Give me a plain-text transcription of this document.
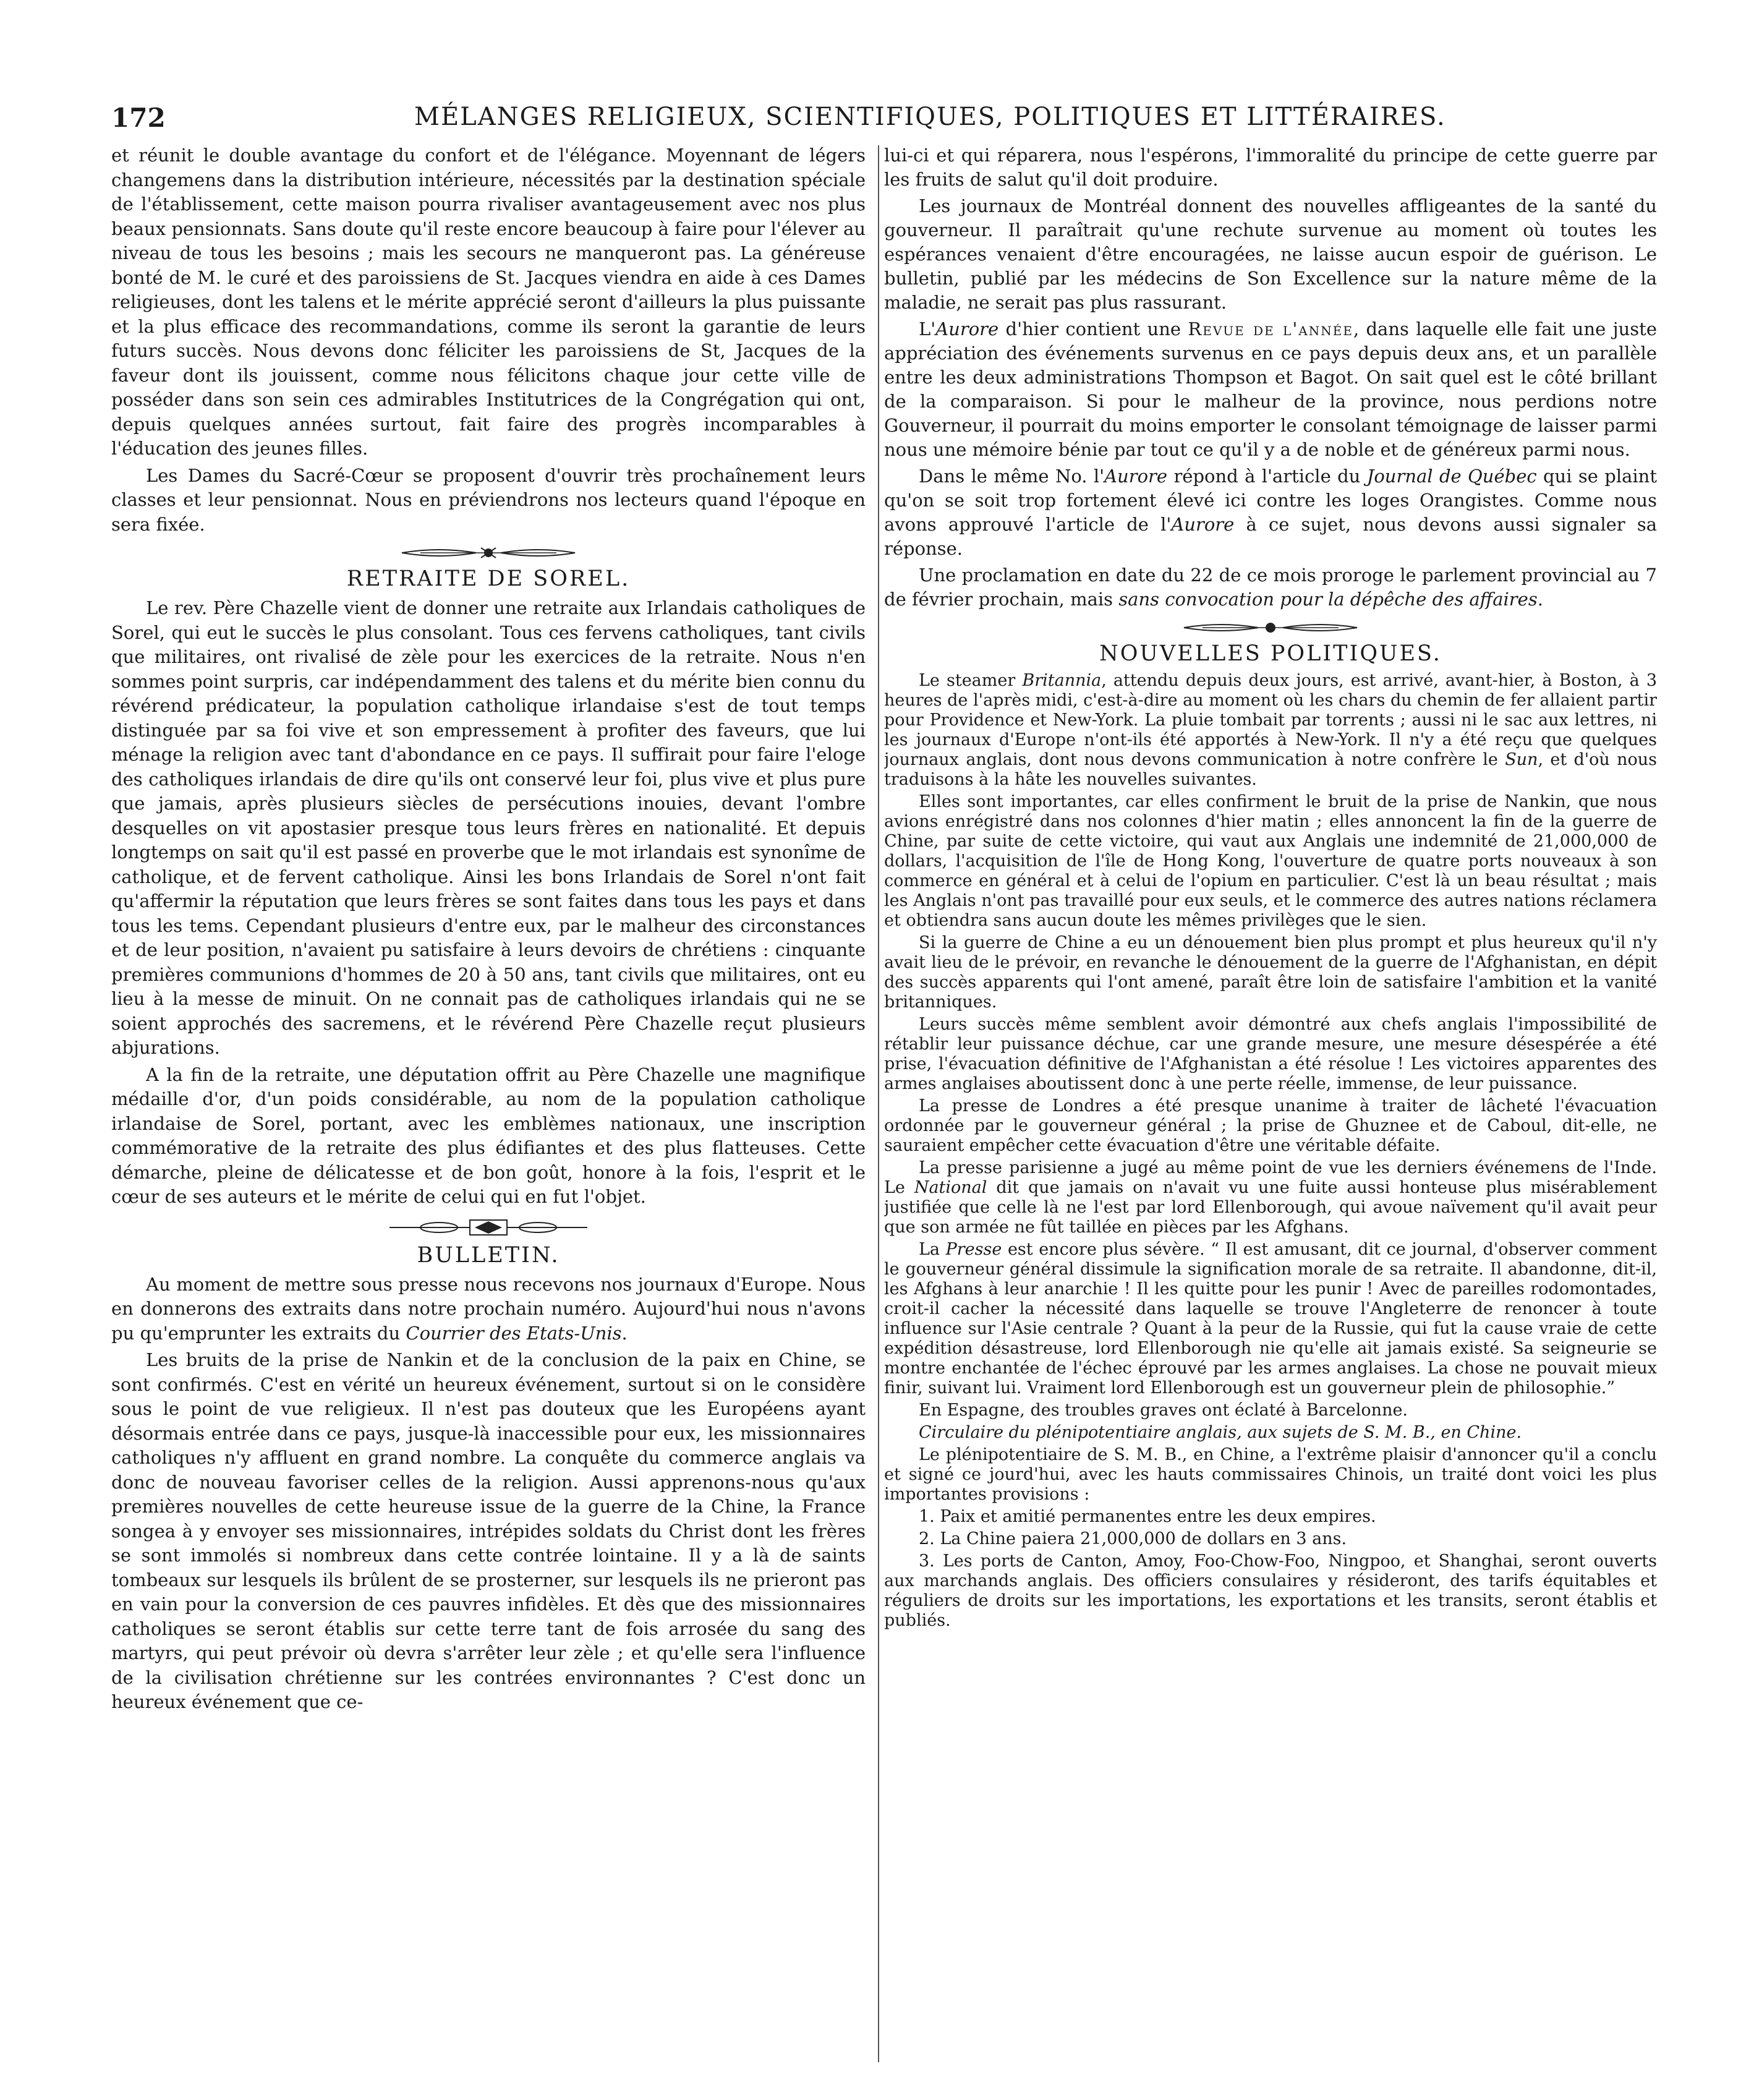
172	MÉLANGES RELIGIEUX, SCIENTIFIQUES, POLITIQUES ET LITTÉRAIRES.

et réunit le double avantage du confort et de l'élégance. Moyennant de légers changemens dans la distribution intérieure, nécessités par la destination spéciale de l'établissement, cette maison pourra rivaliser avantageusement avec nos plus beaux pensionnats. Sans doute qu'il reste encore beaucoup à faire pour l'élever au niveau de tous les besoins ; mais les secours ne manqueront pas. La généreuse bonté de M. le curé et des paroissiens de St. Jacques viendra en aide à ces Dames religieuses, dont les talens et le mérite apprécié seront d'ailleurs la plus puissante et la plus efficace des recommandations, comme ils seront la garantie de leurs futurs succès. Nous devons donc féliciter les paroissiens de St, Jacques de la faveur dont ils jouissent, comme nous félicitons chaque jour cette ville de posséder dans son sein ces admirables Institutrices de la Congrégation qui ont, depuis quelques années surtout, fait faire des progrès incomparables à l'éducation des jeunes filles.

Les Dames du Sacré-Cœur se proposent d'ouvrir très prochaînement leurs classes et leur pensionnat. Nous en préviendrons nos lecteurs quand l'époque en sera fixée.

RETRAITE DE SOREL.

Le rev. Père Chazelle vient de donner une retraite aux Irlandais catholiques de Sorel, qui eut le succès le plus consolant. Tous ces fervens catholiques, tant civils que militaires, ont rivalisé de zèle pour les exercices de la retraite. Nous n'en sommes point surpris, car indépendamment des talens et du mérite bien connu du révérend prédicateur, la population catholique irlandaise s'est de tout temps distinguée par sa foi vive et son empressement à profiter des faveurs, que lui ménage la religion avec tant d'abondance en ce pays. Il suffirait pour faire l'eloge des catholiques irlandais de dire qu'ils ont conservé leur foi, plus vive et plus pure que jamais, après plusieurs siècles de persécutions inouies, devant l'ombre desquelles on vit apostasier presque tous leurs frères en nationalité. Et depuis longtemps on sait qu'il est passé en proverbe que le mot irlandais est synonîme de catholique, et de fervent catholique. Ainsi les bons Irlandais de Sorel n'ont fait qu'affermir la réputation que leurs frères se sont faites dans tous les pays et dans tous les tems. Cependant plusieurs d'entre eux, par le malheur des circonstances et de leur position, n'avaient pu satisfaire à leurs devoirs de chrétiens : cinquante premières communions d'hommes de 20 à 50 ans, tant civils que militaires, ont eu lieu à la messe de minuit. On ne connait pas de catholiques irlandais qui ne se soient approchés des sacremens, et le révérend Père Chazelle reçut plusieurs abjurations.

A la fin de la retraite, une députation offrit au Père Chazelle une magnifique médaille d'or, d'un poids considérable, au nom de la population catholique irlandaise de Sorel, portant, avec les emblèmes nationaux, une inscription commémorative de la retraite des plus édifiantes et des plus flatteuses. Cette démarche, pleine de délicatesse et de bon goût, honore à la fois, l'esprit et le cœur de ses auteurs et le mérite de celui qui en fut l'objet.

BULLETIN.

Au moment de mettre sous presse nous recevons nos journaux d'Europe. Nous en donnerons des extraits dans notre prochain numéro. Aujourd'hui nous n'avons pu qu'emprunter les extraits du Courrier des Etats-Unis.

Les bruits de la prise de Nankin et de la conclusion de la paix en Chine, se sont confirmés. C'est en vérité un heureux événement, surtout si on le considère sous le point de vue religieux. Il n'est pas douteux que les Européens ayant désormais entrée dans ce pays, jusque-là inaccessible pour eux, les missionnaires catholiques n'y affluent en grand nombre. La conquête du commerce anglais va donc de nouveau favoriser celles de la religion. Aussi apprenons-nous qu'aux premières nouvelles de cette heureuse issue de la guerre de la Chine, la France songea à y envoyer ses missionnaires, intrépides soldats du Christ dont les frères se sont immolés si nombreux dans cette contrée lointaine. Il y a là de saints tombeaux sur lesquels ils brûlent de se prosterner, sur lesquels ils ne prieront pas en vain pour la conversion de ces pauvres infidèles. Et dès que des missionnaires catholiques se seront établis sur cette terre tant de fois arrosée du sang des martyrs, qui peut prévoir où devra s'arrêter leur zèle ; et qu'elle sera l'influence de la civilisation chrétienne sur les contrées environnantes ? C'est donc un heureux événement que ce-

lui-ci et qui réparera, nous l'espérons, l'immoralité du principe de cette guerre par les fruits de salut qu'il doit produire.

Les journaux de Montréal donnent des nouvelles affligeantes de la santé du gouverneur. Il paraîtrait qu'une rechute survenue au moment où toutes les espérances venaient d'être encouragées, ne laisse aucun espoir de guérison. Le bulletin, publié par les médecins de Son Excellence sur la nature même de la maladie, ne serait pas plus rassurant.

L'Aurore d'hier contient une Revue de l'année, dans laquelle elle fait une juste appréciation des événements survenus en ce pays depuis deux ans, et un parallèle entre les deux administrations Thompson et Bagot. On sait quel est le côté brillant de la comparaison. Si pour le malheur de la province, nous perdions notre Gouverneur, il pourrait du moins emporter le consolant témoignage de laisser parmi nous une mémoire bénie par tout ce qu'il y a de noble et de généreux parmi nous.

Dans le même No. l'Aurore répond à l'article du Journal de Québec qui se plaint qu'on se soit trop fortement élevé ici contre les loges Orangistes. Comme nous avons approuvé l'article de l'Aurore à ce sujet, nous devons aussi signaler sa réponse.

Une proclamation en date du 22 de ce mois proroge le parlement provincial au 7 de février prochain, mais sans convocation pour la dépêche des affaires.

NOUVELLES POLITIQUES.

Le steamer Britannia, attendu depuis deux jours, est arrivé, avant-hier, à Boston, à 3 heures de l'après midi, c'est-à-dire au moment où les chars du chemin de fer allaient partir pour Providence et New-York. La pluie tombait par torrents ; aussi ni le sac aux lettres, ni les journaux d'Europe n'ont-ils été apportés à New-York. Il n'y a été reçu que quelques journaux anglais, dont nous devons communication à notre confrère le Sun, et d'où nous traduisons à la hâte les nouvelles suivantes.

Elles sont importantes, car elles confirment le bruit de la prise de Nankin, que nous avions enrégistré dans nos colonnes d'hier matin ; elles annoncent la fin de la guerre de Chine, par suite de cette victoire, qui vaut aux Anglais une indemnité de 21,000,000 de dollars, l'acquisition de l'île de Hong Kong, l'ouverture de quatre ports nouveaux à son commerce en général et à celui de l'opium en particulier. C'est là un beau résultat ; mais les Anglais n'ont pas travaillé pour eux seuls, et le commerce des autres nations réclamera et obtiendra sans aucun doute les mêmes privilèges que le sien.

Si la guerre de Chine a eu un dénouement bien plus prompt et plus heureux qu'il n'y avait lieu de le prévoir, en revanche le dénouement de la guerre de l'Afghanistan, en dépit des succès apparents qui l'ont amené, paraît être loin de satisfaire l'ambition et la vanité britanniques.

Leurs succès même semblent avoir démontré aux chefs anglais l'impossibilité de rétablir leur puissance déchue, car une grande mesure, une mesure désespérée a été prise, l'évacuation définitive de l'Afghanistan a été résolue ! Les victoires apparentes des armes anglaises aboutissent donc à une perte réelle, immense, de leur puissance.

La presse de Londres a été presque unanime à traiter de lâcheté l'évacuation ordonnée par le gouverneur général ; la prise de Ghuznee et de Caboul, dit-elle, ne sauraient empêcher cette évacuation d'être une véritable défaite.

La presse parisienne a jugé au même point de vue les derniers événemens de l'Inde. Le National dit que jamais on n'avait vu une fuite aussi honteuse plus misérablement justifiée que celle là ne l'est par lord Ellenborough, qui avoue naïvement qu'il avait peur que son armée ne fût taillée en pièces par les Afghans.

La Presse est encore plus sévère. “ Il est amusant, dit ce journal, d'observer comment le gouverneur général dissimule la signification morale de sa retraite. Il abandonne, dit-il, les Afghans à leur anarchie ! Il les quitte pour les punir ! Avec de pareilles rodomontades, croit-il cacher la nécessité dans laquelle se trouve l'Angleterre de renoncer à toute influence sur l'Asie centrale ? Quant à la peur de la Russie, qui fut la cause vraie de cette expédition désastreuse, lord Ellenborough nie qu'elle ait jamais existé. Sa seigneurie se montre enchantée de l'échec éprouvé par les armes anglaises. La chose ne pouvait mieux finir, suivant lui. Vraiment lord Ellenborough est un gouverneur plein de philosophie.”

En Espagne, des troubles graves ont éclaté à Barcelonne.

Circulaire du plénipotentiaire anglais, aux sujets de S. M. B., en Chine.

Le plénipotentiaire de S. M. B., en Chine, a l'extrême plaisir d'annoncer qu'il a conclu et signé ce jourd'hui, avec les hauts commissaires Chinois, un traité dont voici les plus importantes provisions :

1. Paix et amitié permanentes entre les deux empires.

2. La Chine paiera 21,000,000 de dollars en 3 ans.

3. Les ports de Canton, Amoy, Foo-Chow-Foo, Ningpoo, et Shanghai, seront ouverts aux marchands anglais. Des officiers consulaires y résideront, des tarifs équitables et réguliers de droits sur les importations, les exportations et les transits, seront établis et publiés.
